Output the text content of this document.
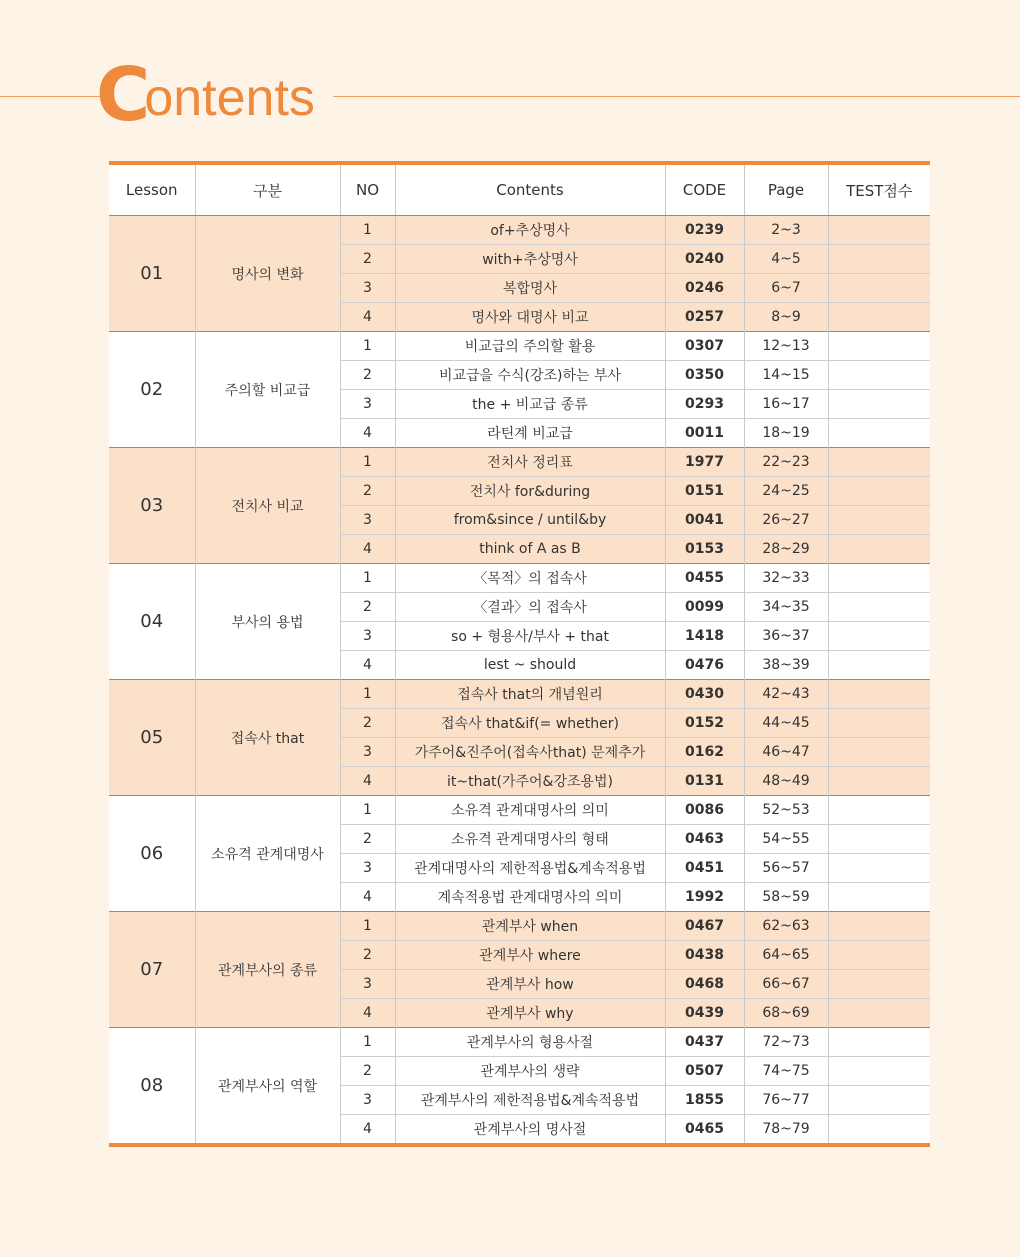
C
ontents
Lesson	구분	NO	Contents	CODE	Page	TEST점수
01	명사의 변화	1	of+추상명사	0239	2~3	
		2	with+추상명사	0240	4~5	
		3	복합명사	0246	6~7	
		4	명사와 대명사 비교	0257	8~9	
02	주의할 비교급	1	비교급의 주의할 활용	0307	12~13	
		2	비교급을 수식(강조)하는 부사	0350	14~15	
		3	the + 비교급 종류	0293	16~17	
		4	라틴계 비교급	0011	18~19	
03	전치사 비교	1	전치사 정리표	1977	22~23	
		2	전치사 for&during	0151	24~25	
		3	from&since / until&by	0041	26~27	
		4	think of A as B	0153	28~29	
04	부사의 용법	1	〈목적〉의 접속사	0455	32~33	
		2	〈결과〉의 접속사	0099	34~35	
		3	so + 형용사/부사 + that	1418	36~37	
		4	lest ~ should	0476	38~39	
05	접속사 that	1	접속사 that의 개념원리	0430	42~43	
		2	접속사 that&if(= whether)	0152	44~45	
		3	가주어&진주어(접속사that) 문제추가	0162	46~47	
		4	it~that(가주어&강조용법)	0131	48~49	
06	소유격 관계대명사	1	소유격 관계대명사의 의미	0086	52~53	
		2	소유격 관계대명사의 형태	0463	54~55	
		3	관계대명사의 제한적용법&계속적용법	0451	56~57	
		4	계속적용법 관계대명사의 의미	1992	58~59	
07	관계부사의 종류	1	관계부사 when	0467	62~63	
		2	관계부사 where	0438	64~65	
		3	관계부사 how	0468	66~67	
		4	관계부사 why	0439	68~69	
08	관계부사의 역할	1	관계부사의 형용사절	0437	72~73	
		2	관계부사의 생략	0507	74~75	
		3	관계부사의 제한적용법&계속적용법	1855	76~77	
		4	관계부사의 명사절	0465	78~79	
